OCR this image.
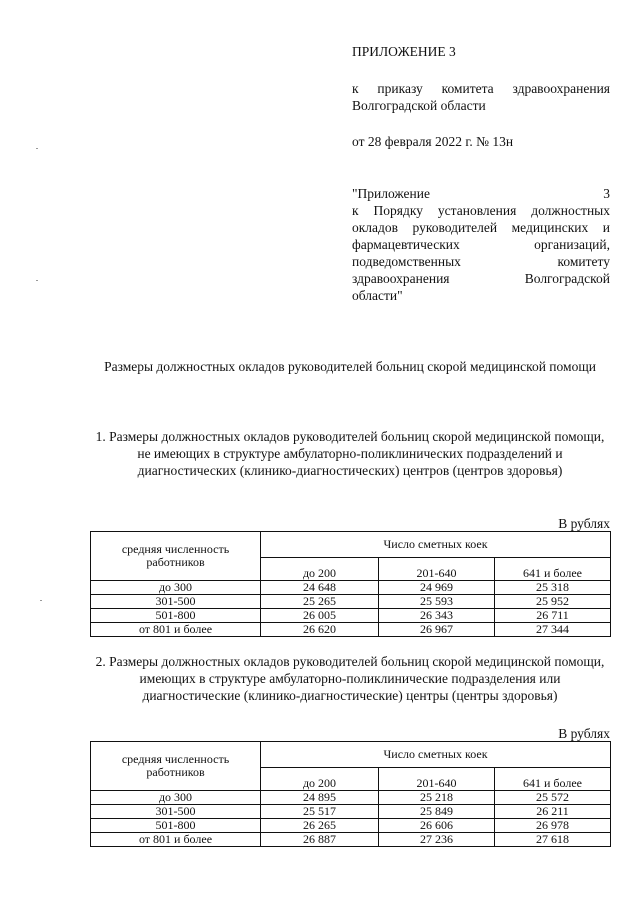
ПРИЛОЖЕНИЕ 3
к приказу комитета здравоохранения Волгоградской области
от 28 февраля 2022 г. № 13н
"Приложение 3
к Порядку установления должностных
окладов руководителей медицинских и
фармацевтических организаций,
подведомственных комитету
здравоохранения Волгоградской
области"
Размеры должностных окладов руководителей больниц скорой медицинской помощи
1. Размеры должностных окладов руководителей больниц скорой медицинской помощи, не имеющих в структуре амбулаторно-поликлинических подразделений и диагностических (клинико-диагностических) центров (центров здоровья)
В рублях
средняя численность работников	Число сметных коек		
	до 200	201-640	641 и более
до 300	24 648	24 969	25 318
301-500	25 265	25 593	25 952
501-800	26 005	26 343	26 711
от 801 и более	26 620	26 967	27 344
2. Размеры должностных окладов руководителей больниц скорой медицинской помощи, имеющих в структуре амбулаторно-поликлинические подразделения или диагностические (клинико-диагностические) центры (центры здоровья)
В рублях
средняя численность работников	Число сметных коек		
	до 200	201-640	641 и более
до 300	24 895	25 218	25 572
301-500	25 517	25 849	26 211
501-800	26 265	26 606	26 978
от 801 и более	26 887	27 236	27 618
